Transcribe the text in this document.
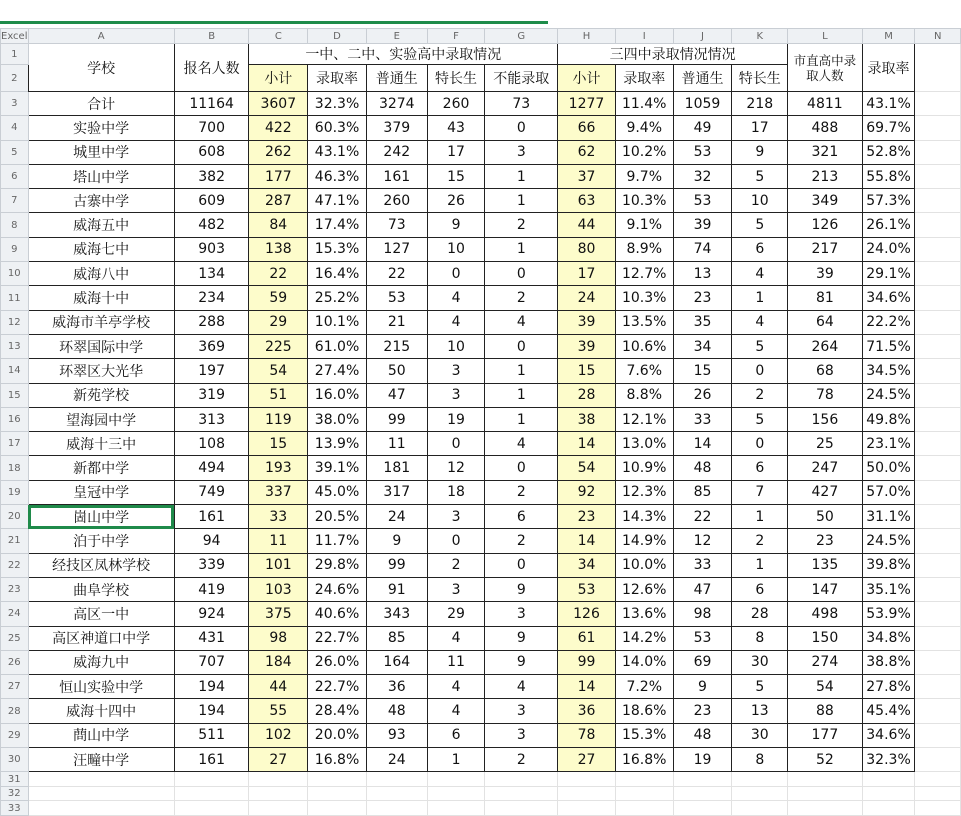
Excel	A	B	C	D	E	F	G	H	I	J	K	L	M	N
1	学校	报名人数	一中、二中、实验高中录取情况					三四中录取情况情况				市直高中录取人数	录取率	
2			小计	录取率	普通生	特长生	不能录取	小计	录取率	普通生	特长生			
3	合计	11164	3607	32.3%	3274	260	73	1277	11.4%	1059	218	4811	43.1%	
4	实验中学	700	422	60.3%	379	43	0	66	9.4%	49	17	488	69.7%	
5	城里中学	608	262	43.1%	242	17	3	62	10.2%	53	9	321	52.8%	
6	塔山中学	382	177	46.3%	161	15	1	37	9.7%	32	5	213	55.8%	
7	古寨中学	609	287	47.1%	260	26	1	63	10.3%	53	10	349	57.3%	
8	威海五中	482	84	17.4%	73	9	2	44	9.1%	39	5	126	26.1%	
9	威海七中	903	138	15.3%	127	10	1	80	8.9%	74	6	217	24.0%	
10	威海八中	134	22	16.4%	22	0	0	17	12.7%	13	4	39	29.1%	
11	威海十中	234	59	25.2%	53	4	2	24	10.3%	23	1	81	34.6%	
12	威海市羊亭学校	288	29	10.1%	21	4	4	39	13.5%	35	4	64	22.2%	
13	环翠国际中学	369	225	61.0%	215	10	0	39	10.6%	34	5	264	71.5%	
14	环翠区大光华	197	54	27.4%	50	3	1	15	7.6%	15	0	68	34.5%	
15	新苑学校	319	51	16.0%	47	3	1	28	8.8%	26	2	78	24.5%	
16	望海园中学	313	119	38.0%	99	19	1	38	12.1%	33	5	156	49.8%	
17	威海十三中	108	15	13.9%	11	0	4	14	13.0%	14	0	25	23.1%	
18	新都中学	494	193	39.1%	181	12	0	54	10.9%	48	6	247	50.0%	
19	皇冠中学	749	337	45.0%	317	18	2	92	12.3%	85	7	427	57.0%	
20	崮山中学	161	33	20.5%	24	3	6	23	14.3%	22	1	50	31.1%	
21	泊于中学	94	11	11.7%	9	0	2	14	14.9%	12	2	23	24.5%	
22	经技区凤林学校	339	101	29.8%	99	2	0	34	10.0%	33	1	135	39.8%	
23	曲阜学校	419	103	24.6%	91	3	9	53	12.6%	47	6	147	35.1%	
24	高区一中	924	375	40.6%	343	29	3	126	13.6%	98	28	498	53.9%	
25	高区神道口中学	431	98	22.7%	85	4	9	61	14.2%	53	8	150	34.8%	
26	威海九中	707	184	26.0%	164	11	9	99	14.0%	69	30	274	38.8%	
27	恒山实验中学	194	44	22.7%	36	4	4	14	7.2%	9	5	54	27.8%	
28	威海十四中	194	55	28.4%	48	4	3	36	18.6%	23	13	88	45.4%	
29	蔄山中学	511	102	20.0%	93	6	3	78	15.3%	48	30	177	34.6%	
30	汪疃中学	161	27	16.8%	24	1	2	27	16.8%	19	8	52	32.3%	
31														
32														
33														
